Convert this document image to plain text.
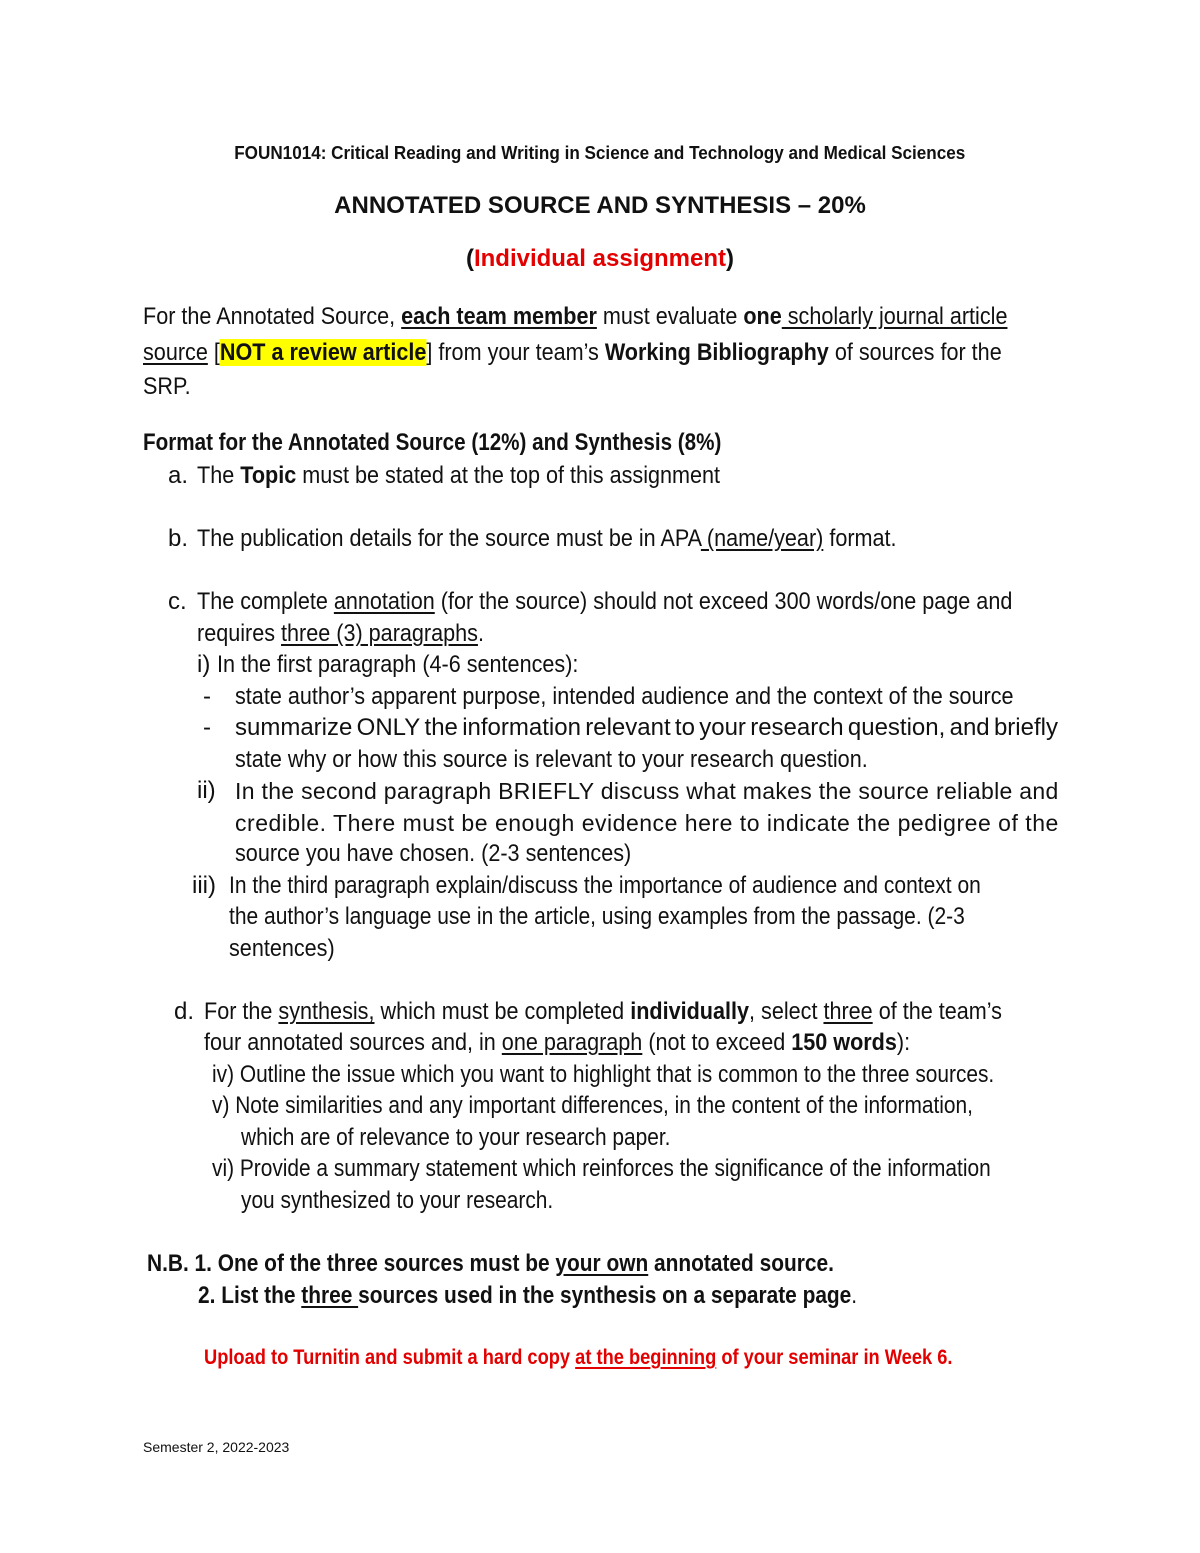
FOUN1014: Critical Reading and Writing in Science and Technology and Medical Sciences
ANNOTATED SOURCE AND SYNTHESIS – 20%
(Individual assignment)
For the Annotated Source, each team member must evaluate one scholarly journal article
source [NOT a review article] from your team’s Working Bibliography of sources for the
SRP.
Format for the Annotated Source (12%) and Synthesis (8%)
a. The Topic must be stated at the top of this assignment
b. The publication details for the source must be in APA (name/year) format.
c. The complete annotation (for the source) should not exceed 300 words/one page and
requires three (3) paragraphs.
i) In the first paragraph (4-6 sentences):
- state author’s apparent purpose, intended audience and the context of the source
- summarize ONLY the information relevant to your research question, and briefly
state why or how this source is relevant to your research question.
ii) In the second paragraph BRIEFLY discuss what makes the source reliable and
credible. There must be enough evidence here to indicate the pedigree of the
source you have chosen. (2-3 sentences)
iii) In the third paragraph explain/discuss the importance of audience and context on
the author’s language use in the article, using examples from the passage. (2-3
sentences)
d. For the synthesis, which must be completed individually, select three of the team’s
four annotated sources and, in one paragraph (not to exceed 150 words):
iv) Outline the issue which you want to highlight that is common to the three sources.
v) Note similarities and any important differences, in the content of the information,
which are of relevance to your research paper.
vi) Provide a summary statement which reinforces the significance of the information
you synthesized to your research.
N.B. 1. One of the three sources must be your own annotated source.
2. List the three sources used in the synthesis on a separate page.
Upload to Turnitin and submit a hard copy at the beginning of your seminar in Week 6.
Semester 2, 2022-2023
